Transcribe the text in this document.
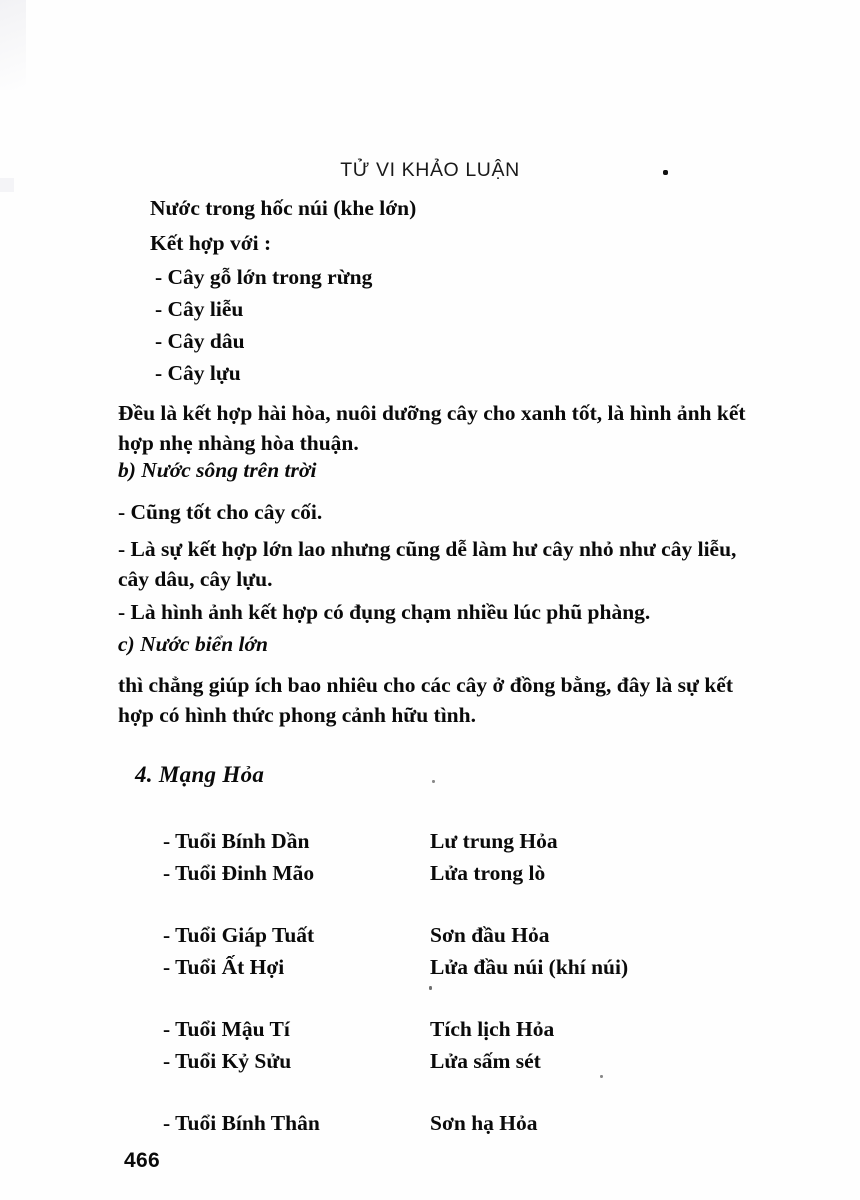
TỬ VI KHẢO LUẬN
Nước trong hốc núi (khe lớn)
Kết hợp với :
- Cây gỗ lớn trong rừng
- Cây liễu
- Cây dâu
- Cây lựu
Đều là kết hợp hài hòa, nuôi dưỡng cây cho xanh tốt, là hình ảnh kết hợp nhẹ nhàng hòa thuận.
b) Nước sông trên trời
- Cũng tốt cho cây cối.
- Là sự kết hợp lớn lao nhưng cũng dễ làm hư cây nhỏ như cây liễu, cây dâu, cây lựu.
- Là hình ảnh kết hợp có đụng chạm nhiều lúc phũ phàng.
c) Nước biển lớn
thì chẳng giúp ích bao nhiêu cho các cây ở đồng bằng, đây là sự kết hợp có hình thức phong cảnh hữu tình.
4. Mạng Hỏa
- Tuổi Bính Dần	Lư trung Hỏa
- Tuổi Đinh Mão	Lửa trong lò
- Tuổi Giáp Tuất	Sơn đầu Hỏa
- Tuổi Ất Hợi	Lửa đầu núi (khí núi)
- Tuổi Mậu Tí	Tích lịch Hỏa
- Tuổi Kỷ Sửu	Lửa sấm sét
- Tuổi Bính Thân	Sơn hạ Hỏa
466
